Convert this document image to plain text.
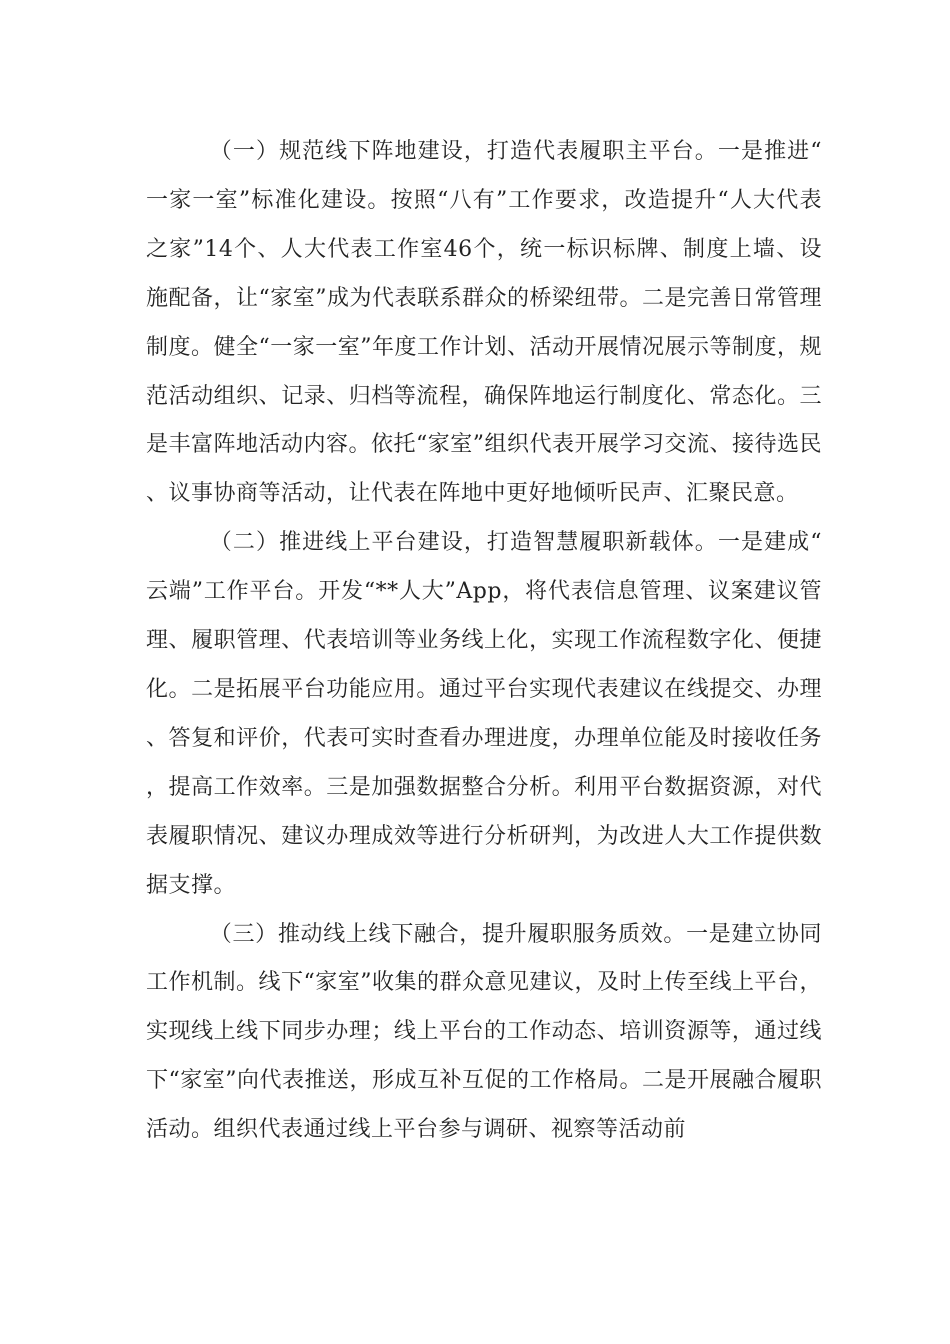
（一）规范线下阵地建设，打造代表履职主平台。一是推进“一家一室”标准化建设。按照“八有”工作要求，改造提升“人大代表之家”14个、人大代表工作室46个，统一标识标牌、制度上墙、设施配备，让“家室”成为代表联系群众的桥梁纽带。二是完善日常管理制度。健全“一家一室”年度工作计划、活动开展情况展示等制度，规范活动组织、记录、归档等流程，确保阵地运行制度化、常态化。三是丰富阵地活动内容。依托“家室”组织代表开展学习交流、接待选民、议事协商等活动，让代表在阵地中更好地倾听民声、汇聚民意。

（二）推进线上平台建设，打造智慧履职新载体。一是建成“云端”工作平台。开发“**人大”App，将代表信息管理、议案建议管理、履职管理、代表培训等业务线上化，实现工作流程数字化、便捷化。二是拓展平台功能应用。通过平台实现代表建议在线提交、办理、答复和评价，代表可实时查看办理进度，办理单位能及时接收任务，提高工作效率。三是加强数据整合分析。利用平台数据资源，对代表履职情况、建议办理成效等进行分析研判，为改进人大工作提供数据支撑。

（三）推动线上线下融合，提升履职服务质效。一是建立协同工作机制。线下“家室”收集的群众意见建议，及时上传至线上平台，实现线上线下同步办理；线上平台的工作动态、培训资源等，通过线下“家室”向代表推送，形成互补互促的工作格局。二是开展融合履职活动。组织代表通过线上平台参与调研、视察等活动前
